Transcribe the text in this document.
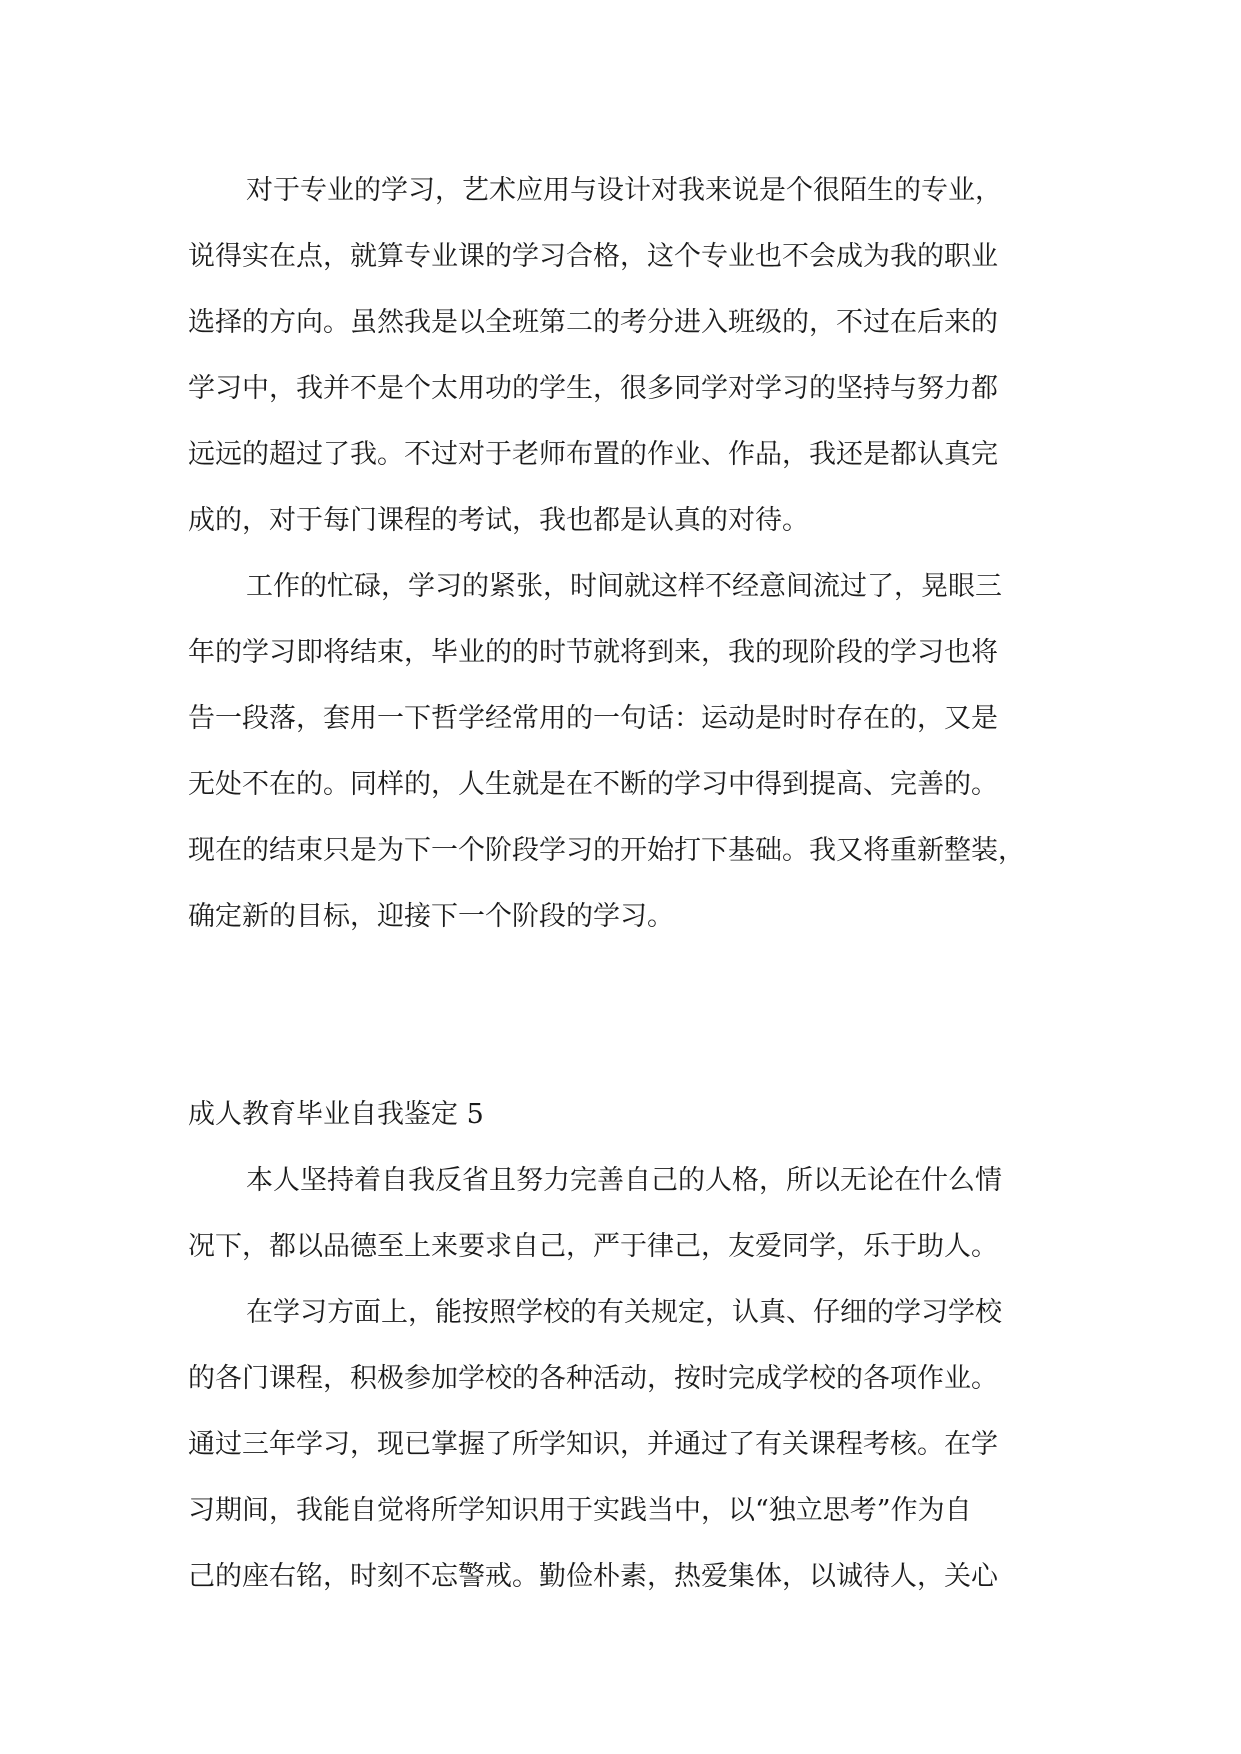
对于专业的学习，艺术应用与设计对我来说是个很陌生的专业，
说得实在点，就算专业课的学习合格，这个专业也不会成为我的职业
选择的方向。虽然我是以全班第二的考分进入班级的，不过在后来的
学习中，我并不是个太用功的学生，很多同学对学习的坚持与努力都
远远的超过了我。不过对于老师布置的作业、作品，我还是都认真完
成的，对于每门课程的考试，我也都是认真的对待。
工作的忙碌，学习的紧张，时间就这样不经意间流过了，晃眼三
年的学习即将结束，毕业的的时节就将到来，我的现阶段的学习也将
告一段落，套用一下哲学经常用的一句话：运动是时时存在的，又是
无处不在的。同样的，人生就是在不断的学习中得到提高、完善的。
现在的结束只是为下一个阶段学习的开始打下基础。我又将重新整装，
确定新的目标，迎接下一个阶段的学习。
成人教育毕业自我鉴定 5
本人坚持着自我反省且努力完善自己的人格，所以无论在什么情
况下，都以品德至上来要求自己，严于律己，友爱同学，乐于助人。
在学习方面上，能按照学校的有关规定，认真、仔细的学习学校
的各门课程，积极参加学校的各种活动，按时完成学校的各项作业。
通过三年学习，现已掌握了所学知识，并通过了有关课程考核。在学
习期间，我能自觉将所学知识用于实践当中，以“独立思考”作为自
己的座右铭，时刻不忘警戒。勤俭朴素，热爱集体，以诚待人，关心
